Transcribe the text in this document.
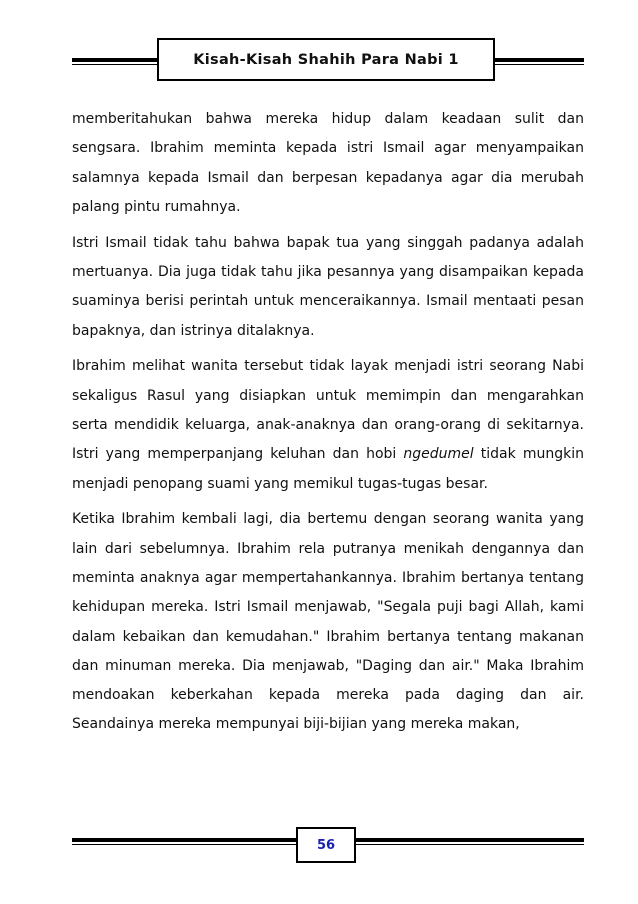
Kisah-Kisah Shahih Para Nabi 1

memberitahukan bahwa mereka hidup dalam keadaan sulit dan sengsara. Ibrahim meminta kepada istri Ismail agar menyampaikan salamnya kepada Ismail dan berpesan kepadanya agar dia merubah palang pintu rumahnya.

Istri Ismail tidak tahu bahwa bapak tua yang singgah padanya adalah mertuanya. Dia juga tidak tahu jika pesannya yang disampaikan kepada suaminya berisi perintah untuk menceraikannya. Ismail mentaati pesan bapaknya, dan istrinya ditalaknya.

Ibrahim melihat wanita tersebut tidak layak menjadi istri seorang Nabi sekaligus Rasul yang disiapkan untuk memimpin dan mengarahkan serta mendidik keluarga, anak-anaknya dan orang-orang di sekitarnya. Istri yang memperpanjang keluhan dan hobi ngedumel tidak mungkin menjadi penopang suami yang memikul tugas-tugas besar.

Ketika Ibrahim kembali lagi, dia bertemu dengan seorang wanita yang lain dari sebelumnya. Ibrahim rela putranya menikah dengannya dan meminta anaknya agar mempertahankannya. Ibrahim bertanya tentang kehidupan mereka. Istri Ismail menjawab, "Segala puji bagi Allah, kami dalam kebaikan dan kemudahan." Ibrahim bertanya tentang makanan dan minuman mereka. Dia menjawab, "Daging dan air." Maka Ibrahim mendoakan keberkahan kepada mereka pada daging dan air. Seandainya mereka mempunyai biji-bijian yang mereka makan,

56
